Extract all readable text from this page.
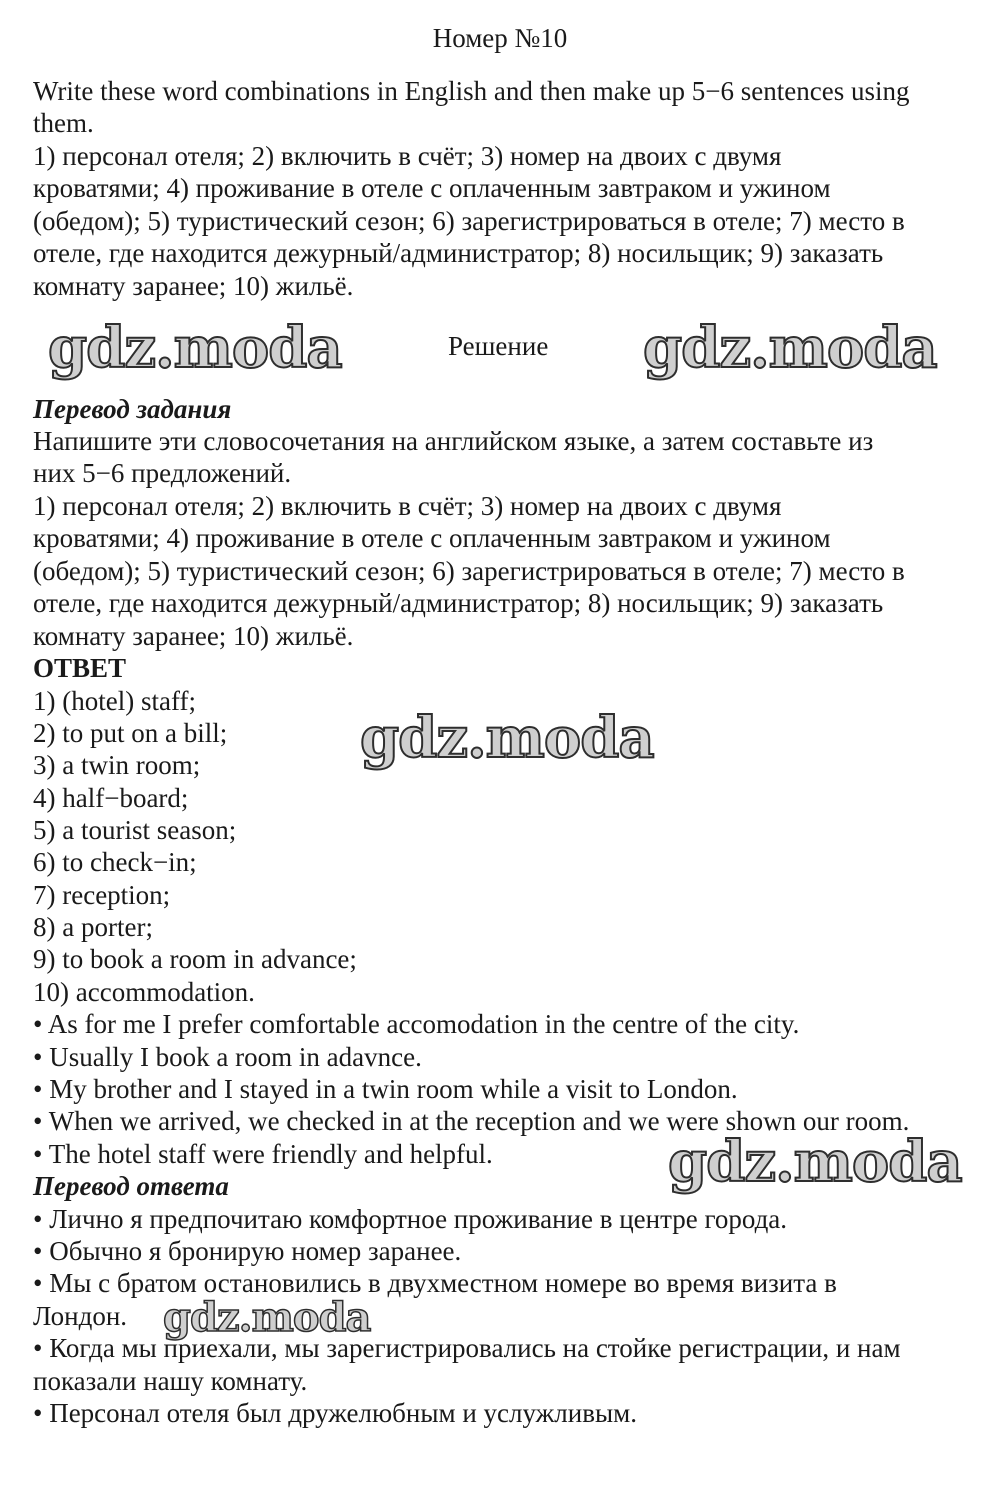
Номер №10
Write these word combinations in English and then make up 5−6 sentences using
them.
1) персонал отеля; 2) включить в счёт; 3) номер на двоих с двумя
кроватями; 4) проживание в отеле с оплаченным завтраком и ужином
(обедом); 5) туристический сезон; 6) зарегистрироваться в отеле; 7) место в
отеле, где находится дежурный/администратор; 8) носильщик; 9) заказать
комнату заранее; 10) жильё.
gdz.moda	Решение gdz.moda
Перевод задания
Напишите эти словосочетания на английском языке, а затем составьте из
них 5−6 предложений.
1) персонал отеля; 2) включить в счёт; 3) номер на двоих с двумя
кроватями; 4) проживание в отеле с оплаченным завтраком и ужином
(обедом); 5) туристический сезон; 6) зарегистрироваться в отеле; 7) место в
отеле, где находится дежурный/администратор; 8) носильщик; 9) заказать
комнату заранее; 10) жильё.
ОТВЕТ
1) (hotel) staff;
2) to put on a bill;
3) a twin room;
4) half−board;
5) a tourist season;
6) to check−in;
7) reception;
8) a porter;
9) to book a room in advance;
10) accommodation.
• As for me I prefer comfortable accomodation in the centre of the city.
• Usually I book a room in adavnce.
• My brother and I stayed in a twin room while a visit to London.
• When we arrived, we checked in at the reception and we were shown our room.
• The hotel staff were friendly and helpful.
gdz.moda
gdz.moda
Перевод ответа
• Лично я предпочитаю комфортное проживание в центре города.
• Обычно я бронирую номер заранее.
• Мы с братом остановились в двухместном номере во время визита в
Лондон.
• Когда мы приехали, мы зарегистрировались на стойке регистрации, и нам
показали нашу комнату.
• Персонал отеля был дружелюбным и услужливым.
gdz.moda
